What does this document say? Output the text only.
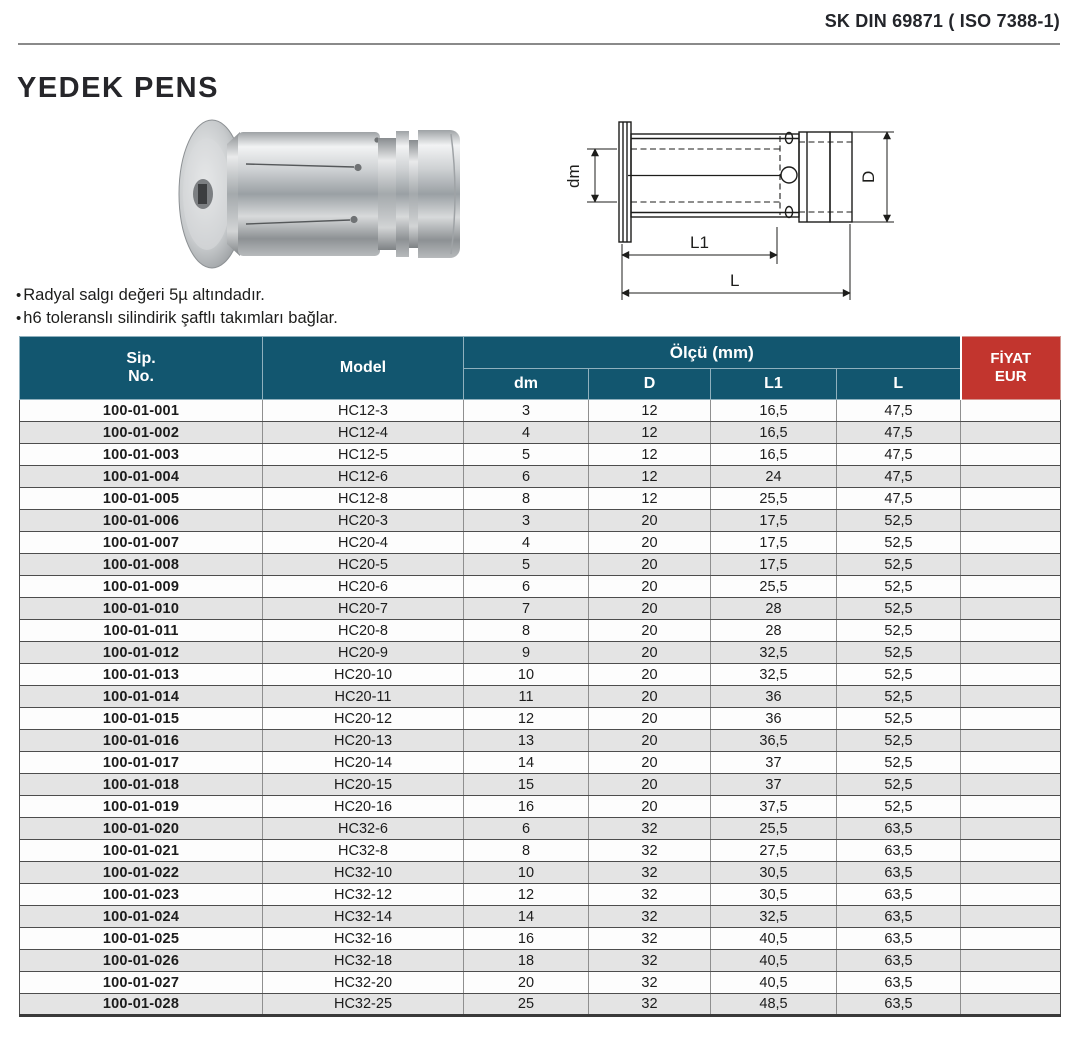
SK DIN 69871 ( ISO 7388-1)
YEDEK PENS
dm
L1
L
D
• Radyal salgı değeri 5µ altındadır.
• h6 toleranslı silindirik şaftlı takımları bağlar.
Sip.
No.
	Model	Ölçü (mm)	FİYAT
EUR

		dm	D	L1	L	
100-01-001	HC12-3	3	12	16,5	47,5	
100-01-002	HC12-4	4	12	16,5	47,5	
100-01-003	HC12-5	5	12	16,5	47,5	
100-01-004	HC12-6	6	12	24	47,5	
100-01-005	HC12-8	8	12	25,5	47,5	
100-01-006	HC20-3	3	20	17,5	52,5	
100-01-007	HC20-4	4	20	17,5	52,5	
100-01-008	HC20-5	5	20	17,5	52,5	
100-01-009	HC20-6	6	20	25,5	52,5	
100-01-010	HC20-7	7	20	28	52,5	
100-01-011	HC20-8	8	20	28	52,5	
100-01-012	HC20-9	9	20	32,5	52,5	
100-01-013	HC20-10	10	20	32,5	52,5	
100-01-014	HC20-11	11	20	36	52,5	
100-01-015	HC20-12	12	20	36	52,5	
100-01-016	HC20-13	13	20	36,5	52,5	
100-01-017	HC20-14	14	20	37	52,5	
100-01-018	HC20-15	15	20	37	52,5	
100-01-019	HC20-16	16	20	37,5	52,5	
100-01-020	HC32-6	6	32	25,5	63,5	
100-01-021	HC32-8	8	32	27,5	63,5	
100-01-022	HC32-10	10	32	30,5	63,5	
100-01-023	HC32-12	12	32	30,5	63,5	
100-01-024	HC32-14	14	32	32,5	63,5	
100-01-025	HC32-16	16	32	40,5	63,5	
100-01-026	HC32-18	18	32	40,5	63,5	
100-01-027	HC32-20	20	32	40,5	63,5	
100-01-028	HC32-25	25	32	48,5	63,5	
